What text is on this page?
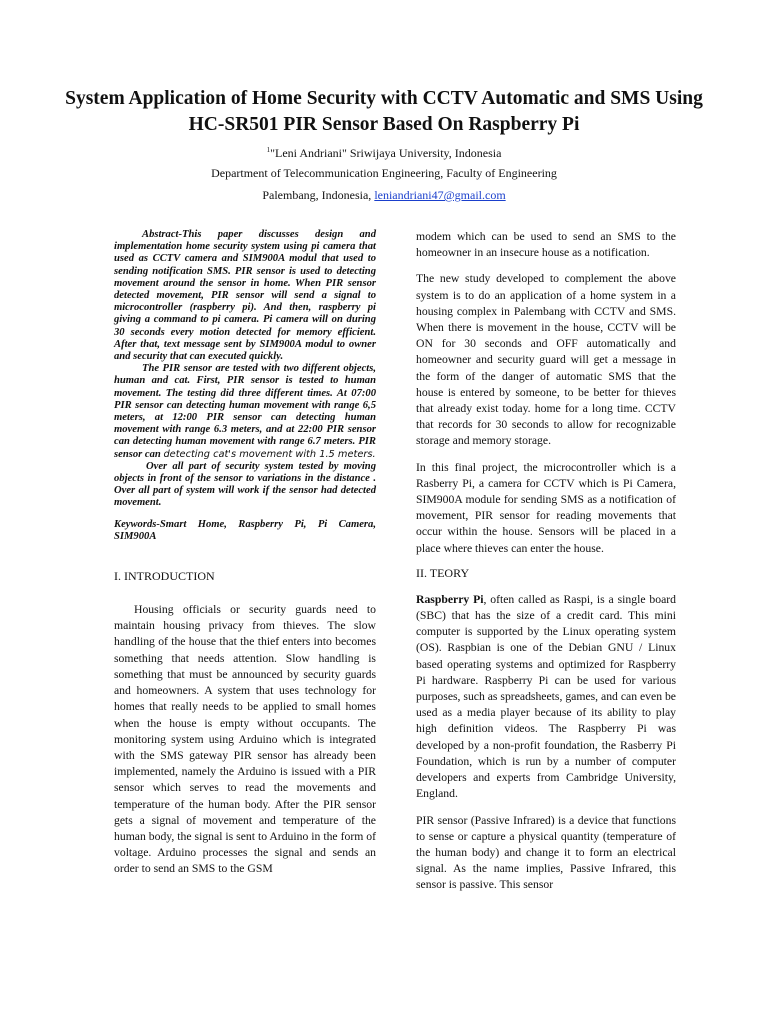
System Application of Home Security with CCTV Automatic and SMS Using HC-SR501 PIR Sensor Based On Raspberry Pi
$^1$"Leni Andriani" Sriwijaya University, Indonesia
Department of Telecommunication Engineering, Faculty of Engineering
Palembang, Indonesia, leniandriani47@gmail.com

Abstract-This paper discusses design and implementation home security system using pi camera that used as CCTV camera and SIM900A modul that used to sending notification SMS. PIR sensor is used to detecting movement around the sensor in home. When PIR sensor detected movement, PIR sensor will send a signal to microcontroller (raspberry pi). And then, raspberry pi giving a command to pi camera. Pi camera will on during 30 seconds every motion detected for memory efficient. After that, text message sent by SIM900A modul to owner and security that can executed quickly.

The PIR sensor are tested with two different objects, human and cat. First, PIR sensor is tested to human movement. The testing did three different times. At 07:00 PIR sensor can detecting human movement with range 6,5 meters, at 12:00 PIR sensor can detecting human movement with range 6.3 meters, and at 22:00 PIR sensor can detecting human movement with range 6.7 meters. PIR sensor can detecting cat's movement with 1.5 meters.

Over all part of security system tested by moving objects in front of the sensor to variations in the distance . Over all part of system will work if the sensor had detected movement.

Keywords-Smart Home, Raspberry Pi, Pi Camera, SIM900A

I. INTRODUCTION

Housing officials or security guards need to maintain housing privacy from thieves. The slow handling of the house that the thief enters into becomes something that needs attention. Slow handling is something that must be announced by security guards and homeowners. A system that uses technology for homes that really needs to be applied to small homes when the house is empty without occupants. The monitoring system using Arduino which is integrated with the SMS gateway PIR sensor has already been implemented, namely the Arduino is issued with a PIR sensor which serves to read the movements and temperature of the human body. After the PIR sensor gets a signal of movement and temperature of the human body, the signal is sent to Arduino in the form of voltage. Arduino processes the signal and sends an order to send an SMS to the GSM

modem which can be used to send an SMS to the homeowner in an insecure house as a notification.

The new study developed to complement the above system is to do an application of a home system in a housing complex in Palembang with CCTV and SMS. When there is movement in the house, CCTV will be ON for 30 seconds and OFF automatically and homeowner and security guard will get a message in the form of the danger of automatic SMS that the house is entered by someone, to be better for thieves that already exist today. home for a long time. CCTV that records for 30 seconds to allow for recognizable storage and memory storage.

In this final project, the microcontroller which is a Rasberry Pi, a camera for CCTV which is Pi Camera, SIM900A module for sending SMS as a notification of movement, PIR sensor for reading movements that occur within the house. Sensors will be placed in a place where thieves can enter the house.

II. TEORY

Raspberry Pi, often called as Raspi, is a single board (SBC) that has the size of a credit card. This mini computer is supported by the Linux operating system (OS). Raspbian is one of the Debian GNU / Linux based operating systems and optimized for Raspberry Pi hardware. Raspberry Pi can be used for various purposes, such as spreadsheets, games, and can even be used as a media player because of its ability to play high definition videos. The Raspberry Pi was developed by a non-profit foundation, the Rasberry Pi Foundation, which is run by a number of computer developers and experts from Cambridge University, England.

PIR sensor (Passive Infrared) is a device that functions to sense or capture a physical quantity (temperature of the human body) and change it to form an electrical signal. As the name implies, Passive Infrared, this sensor is passive. This sensor
